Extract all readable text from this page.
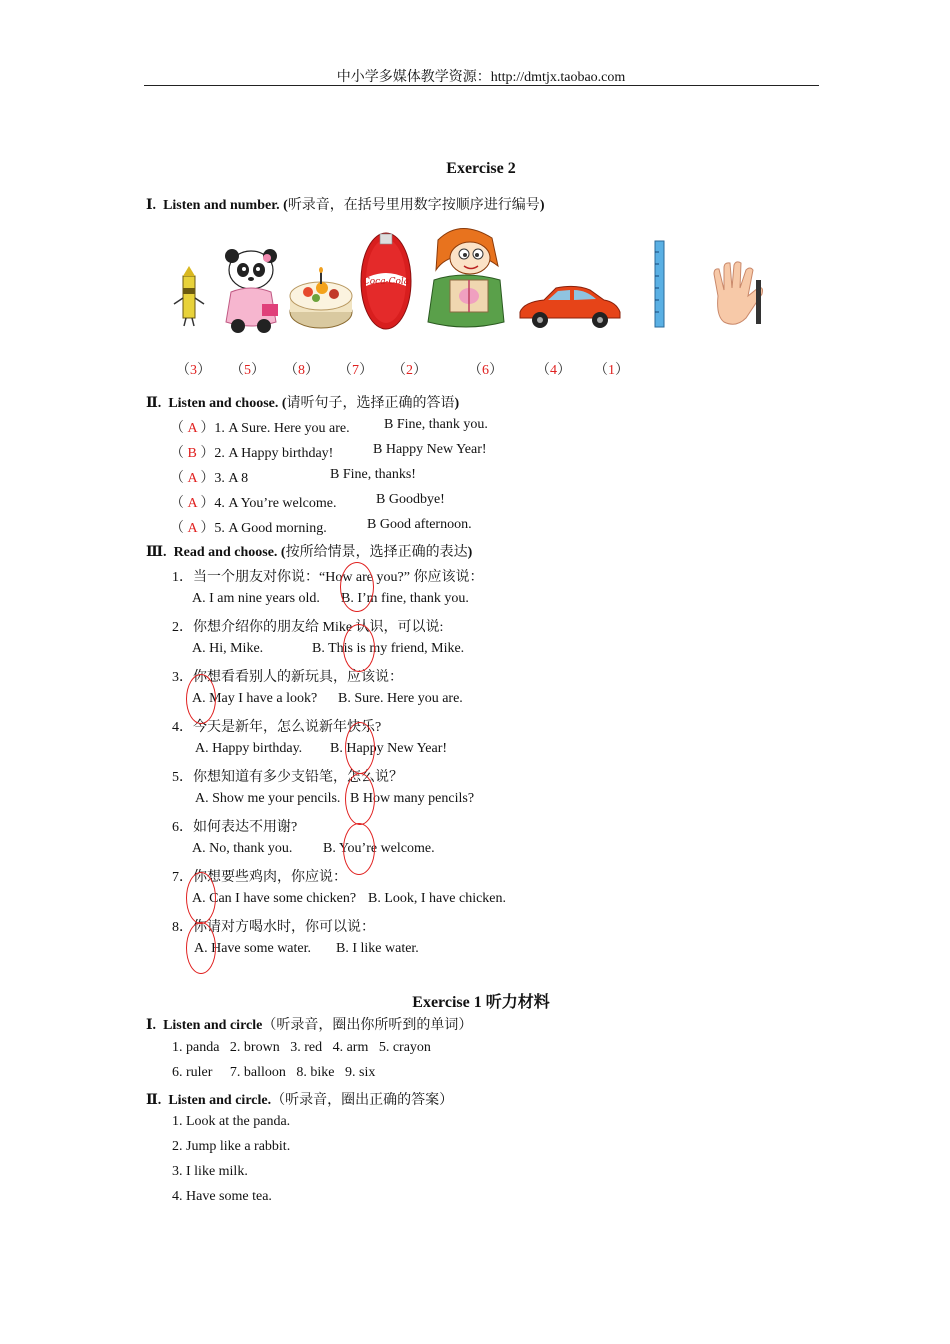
中小学多媒体教学资源：http://dmtjx.taobao.com
Exercise 2
Ⅰ. Listen and number. (听录音，在括号里用数字按顺序进行编号)
Coca-Cola
（3） （5） （8） （7） （2）	（6） （4） （1）
Ⅱ. Listen and choose. (请听句子，选择正确的答语)
（ A ）1. A Sure. Here you are. B Fine, thank you.
（ B ）2. A Happy birthday!	B Happy New Year!
（ A ）3. A 8	B Fine, thanks!
（ A ）4. A You’re welcome.	B Goodbye!
（ A ）5. A Good morning.	B Good afternoon.
Ⅲ. Read and choose. (按所给情景，选择正确的表达)
1．当一个朋友对你说：“How are you?” 你应该说：
A. I am nine years old. B. I’m fine, thank you.
2．你想介绍你的朋友给 Mike 认识，可以说:
A. Hi, Mike.	B. This is my friend, Mike.
3．你想看看别人的新玩具，应该说：
A. May I have a look? B. Sure. Here you are.
4．今天是新年，怎么说新年快乐?
A. Happy birthday. B. Happy New Year!
5．你想知道有多少支铅笔，怎么说？
A. Show me your pencils. B How many pencils?
6．如何表达不用谢?
A. No, thank you. B. You’re welcome.
7．你想要些鸡肉，你应说：
A. Can I have some chicken? B. Look, I have chicken.
8．你请对方喝水时，你可以说：
A. Have some water. B. I like water.
Exercise 1 听力材料
Ⅰ. Listen and circle（听录音，圈出你所听到的单词）
1. panda   2. brown   3. red   4. arm   5. crayon
6. ruler     7. balloon   8. bike   9. six
Ⅱ. Listen and circle.（听录音，圈出正确的答案）
1. Look at the panda.
2. Jump like a rabbit.
3. I like milk.
4. Have some tea.
